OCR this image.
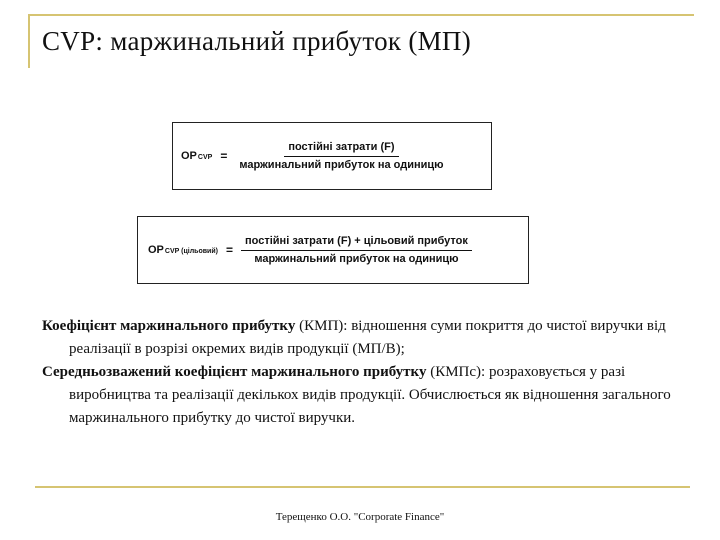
CVP: маржинальний прибуток (МП)
ОР CVP = $\frac{\text{постійні затрати (F)}}{\text{маржинальний прибуток на одиницю}}$
ОР CVP (цільовий) = $\frac{\text{постійні затрати (F) + цільовий прибуток}}{\text{маржинальний прибуток на одиницю}}$

Коефіцієнт маржинального прибутку (КМП): відношення суми покриття до чистої виручки від реалізації в розрізі окремих видів продукції (МП/В);

Середньозважений коефіцієнт маржинального прибутку (КМПс): розраховується у разі виробництва та реалізації декількох видів продукції. Обчислюється як відношення загального маржинального прибутку до чистої виручки.

Терещенко О.О. "Corporate Finance"
